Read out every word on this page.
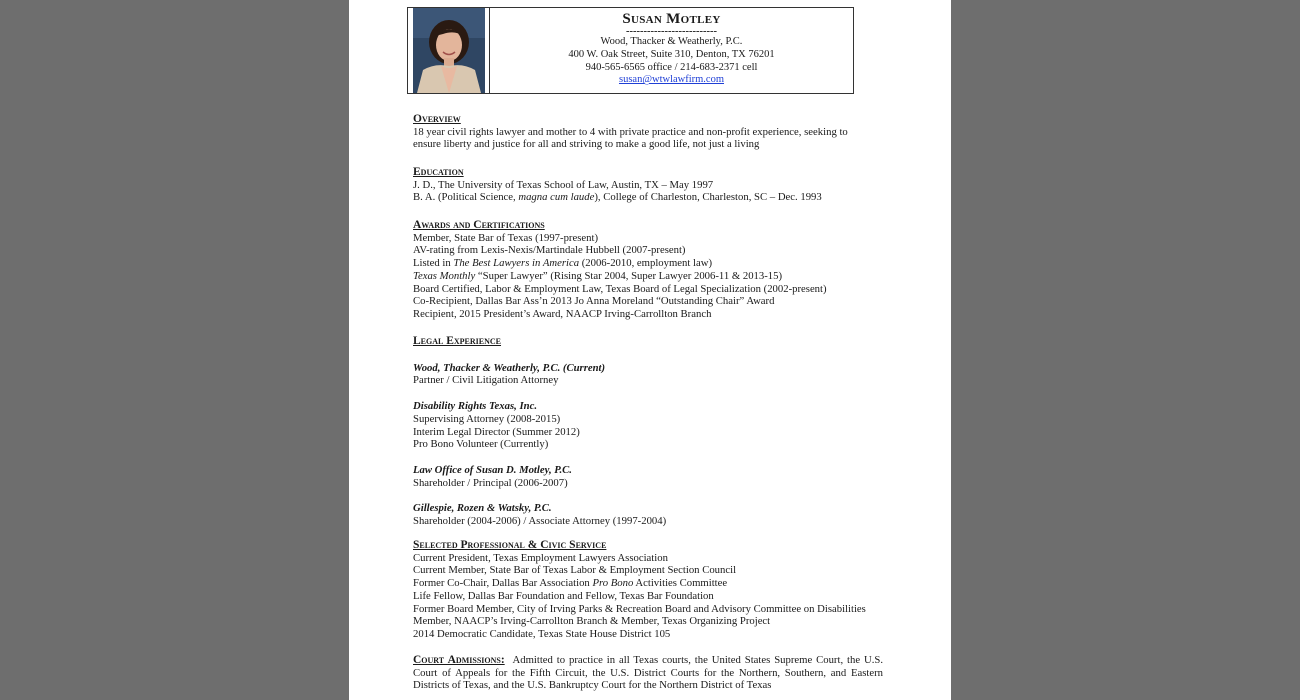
Susan Motley
--------------------------
Wood, Thacker & Weatherly, P.C.
400 W. Oak Street, Suite 310, Denton, TX 76201
940-565-6565 office / 214-683-2371 cell
susan@wtwlawfirm.com
Overview
18 year civil rights lawyer and mother to 4 with private practice and non-profit experience, seeking to
ensure liberty and justice for all and striving to make a good life, not just a living
Education
J. D., The University of Texas School of Law, Austin, TX – May 1997
B. A. (Political Science, magna cum laude), College of Charleston, Charleston, SC – Dec. 1993
Awards and Certifications
Member, State Bar of Texas (1997-present)
AV-rating from Lexis-Nexis/Martindale Hubbell (2007-present)
Listed in The Best Lawyers in America (2006-2010, employment law)
Texas Monthly “Super Lawyer” (Rising Star 2004, Super Lawyer 2006-11 & 2013-15)
Board Certified, Labor & Employment Law, Texas Board of Legal Specialization (2002-present)
Co-Recipient, Dallas Bar Ass’n 2013 Jo Anna Moreland “Outstanding Chair” Award
Recipient, 2015 President’s Award, NAACP Irving-Carrollton Branch
Legal Experience
Wood, Thacker & Weatherly, P.C. (Current)
Partner / Civil Litigation Attorney
Disability Rights Texas, Inc.
Supervising Attorney (2008-2015)
Interim Legal Director (Summer 2012)
Pro Bono Volunteer (Currently)
Law Office of Susan D. Motley, P.C.
Shareholder / Principal (2006-2007)
Gillespie, Rozen & Watsky, P.C.
Shareholder (2004-2006) / Associate Attorney (1997-2004)
Selected Professional & Civic Service
Current President, Texas Employment Lawyers Association
Current Member, State Bar of Texas Labor & Employment Section Council
Former Co-Chair, Dallas Bar Association Pro Bono Activities Committee
Life Fellow, Dallas Bar Foundation and Fellow, Texas Bar Foundation
Former Board Member, City of Irving Parks & Recreation Board and Advisory Committee on Disabilities
Member, NAACP’s Irving-Carrollton Branch & Member, Texas Organizing Project
2014 Democratic Candidate, Texas State House District 105
Court Admissions: Admitted to practice in all Texas courts, the United States Supreme Court, the U.S. Court of Appeals for the Fifth Circuit, the U.S. District Courts for the Northern, Southern, and Eastern Districts of Texas, and the U.S. Bankruptcy Court for the Northern District of Texas
